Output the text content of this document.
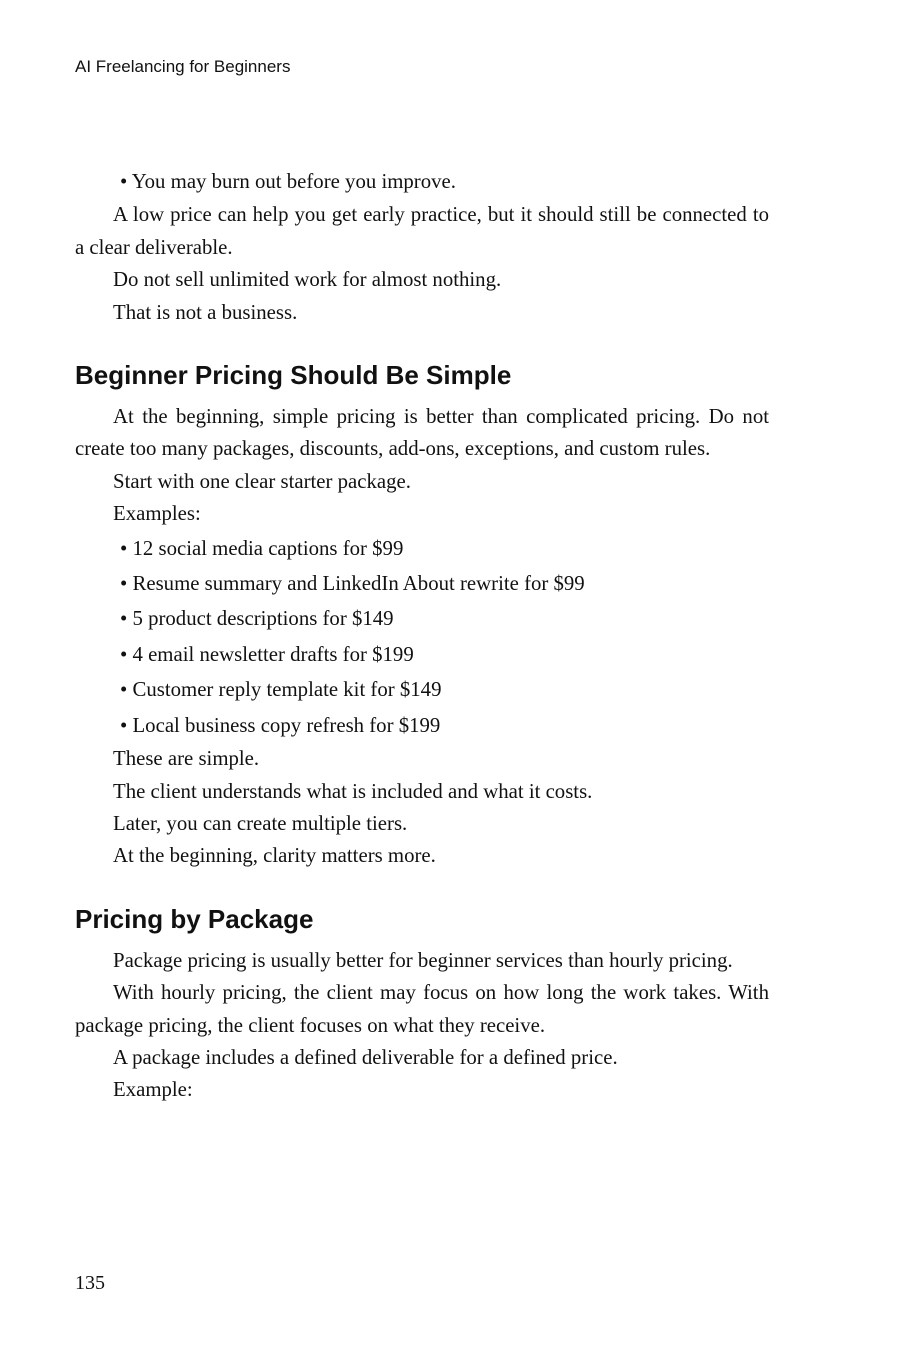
AI Freelancing for Beginners

• You may burn out before you improve.

A low price can help you get early practice, but it should still be connected to a clear deliverable.

Do not sell unlimited work for almost nothing.

That is not a business.

Beginner Pricing Should Be Simple

At the beginning, simple pricing is better than complicated pricing. Do not create too many packages, discounts, add-ons, exceptions, and custom rules.

Start with one clear starter package.

Examples:

• 12 social media captions for $99

• Resume summary and LinkedIn About rewrite for $99

• 5 product descriptions for $149

• 4 email newsletter drafts for $199

• Customer reply template kit for $149

• Local business copy refresh for $199

These are simple.

The client understands what is included and what it costs.

Later, you can create multiple tiers.

At the beginning, clarity matters more.

Pricing by Package

Package pricing is usually better for beginner services than hourly pricing.

With hourly pricing, the client may focus on how long the work takes. With package pricing, the client focuses on what they receive.

A package includes a defined deliverable for a defined price.

Example:

135
